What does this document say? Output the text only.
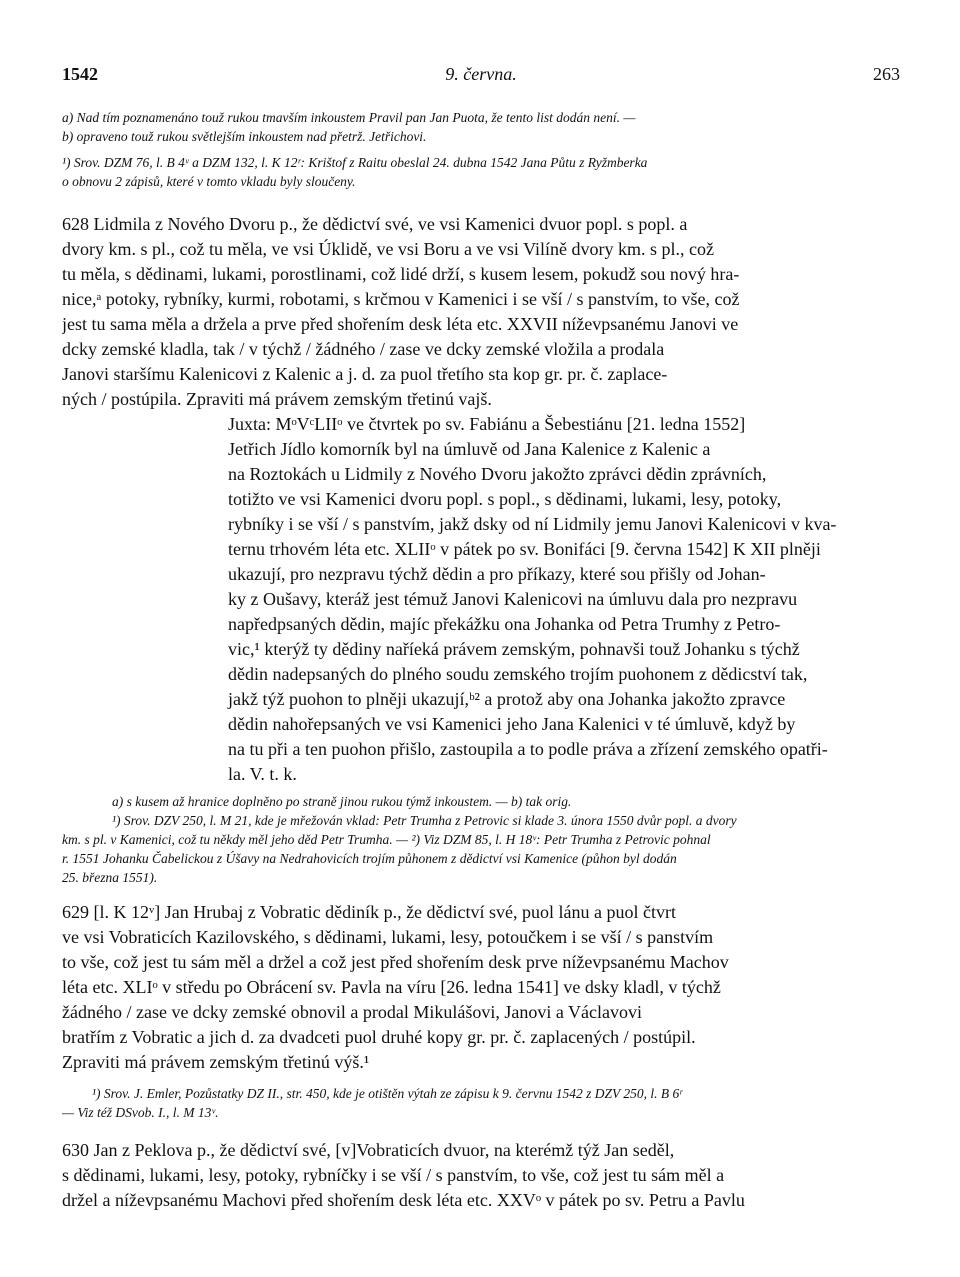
1542	9. června.	263
a) Nad tím poznamenáno touž rukou tmavším inkoustem Pravil pan Jan Puota, že tento list dodán není. —
b) opraveno touž rukou světlejším inkoustem nad přetrž. Jetřichovi.
¹) Srov. DZM 76, l. B 4ᵛ a DZM 132, l. K 12ʳ: Krištof z Raitu obeslal 24. dubna 1542 Jana Půtu z Ryžmberka
o obnovu 2 zápisů, které v tomto vkladu byly sloučeny.
628 Lidmila z Nového Dvoru p., že dědictví své, ve vsi Kamenici dvuor popl. s popl. a
dvory km. s pl., což tu měla, ve vsi Úklidě, ve vsi Boru a ve vsi Vilíně dvory km. s pl., což
tu měla, s dědinami, lukami, porostlinami, což lidé drží, s kusem lesem, pokudž sou nový hra-
nice,ᵃ potoky, rybníky, kurmi, robotami, s krčmou v Kamenici i se vší / s panstvím, to vše, což
jest tu sama měla a držela a prve před shořením desk léta etc. XXVII níževpsanému Janovi ve
dcky zemské kladla, tak / v týchž / žádného / zase ve dcky zemské vložila a prodala
Janovi staršímu Kalenicovi z Kalenic a j. d. za puol třetího sta kop gr. pr. č. zaplace-
ných / postúpila. Zpraviti má právem zemským třetinú vajš.
Juxta: MᵒVᶜLIIᵒ ve čtvrtek po sv. Fabiánu a Šebestiánu [21. ledna 1552]
Jetřich Jídlo komorník byl na úmluvě od Jana Kalenice z Kalenic a
na Roztokách u Lidmily z Nového Dvoru jakožto zprávci dědin zprávních,
totižto ve vsi Kamenici dvoru popl. s popl., s dědinami, lukami, lesy, potoky,
rybníky i se vší / s panstvím, jakž dsky od ní Lidmily jemu Janovi Kalenicovi v kva-
ternu trhovém léta etc. XLIIᵒ v pátek po sv. Bonifáci [9. června 1542] K XII plněji
ukazují, pro nezpravu týchž dědin a pro příkazy, které sou přišly od Johan-
ky z Oušavy, kteráž jest témuž Janovi Kalenicovi na úmluvu dala pro nezpravu
napředpsaných dědin, majíc překážku ona Johanka od Petra Trumhy z Petro-
vic,¹ kterýž ty dědiny naříeká právem zemským, pohnavši touž Johanku s týchž
dědin nadepsaných do plného soudu zemského trojím puohonem z dědicství tak,
jakž týž puohon to plněji ukazují,ᵇ² a protož aby ona Johanka jakožto zpravce
dědin nahořepsaných ve vsi Kamenici jeho Jana Kalenici v té úmluvě, když by
na tu při a ten puohon přišlo, zastoupila a to podle práva a zřízení zemského opatři-
la. V. t. k.
a) s kusem až hranice doplněno po straně jinou rukou týmž inkoustem. — b) tak orig.
¹) Srov. DZV 250, l. M 21, kde je mřežován vklad: Petr Trumha z Petrovic si klade 3. února 1550 dvůr popl. a dvory
km. s pl. v Kamenici, což tu někdy měl jeho děd Petr Trumha. — ²) Viz DZM 85, l. H 18ᵛ: Petr Trumha z Petrovic pohnal
r. 1551 Johanku Čabelickou z Úšavy na Nedrahovicích trojím půhonem z dědictví vsi Kamenice (půhon byl dodán
25. března 1551).
629 [l. K 12ᵛ] Jan Hrubaj z Vobratic dědiník p., že dědictví své, puol lánu a puol čtvrt
ve vsi Vobraticích Kazilovského, s dědinami, lukami, lesy, potoučkem i se vší / s panstvím
to vše, což jest tu sám měl a držel a což jest před shořením desk prve níževpsanému Machov
léta etc. XLIᵒ v středu po Obrácení sv. Pavla na víru [26. ledna 1541] ve dsky kladl, v týchž
žádného / zase ve dcky zemské obnovil a prodal Mikulášovi, Janovi a Václavovi
bratřím z Vobratic a jich d. za dvadceti puol druhé kopy gr. pr. č. zaplacených / postúpil.
Zpraviti má právem zemským třetinú výš.¹
¹) Srov. J. Emler, Pozůstatky DZ II., str. 450, kde je otištěn výtah ze zápisu k 9. červnu 1542 z DZV 250, l. B 6ʳ
— Viz též DSvob. I., l. M 13ᵛ.
630 Jan z Peklova p., že dědictví své, [v]Vobraticích dvuor, na kterémž týž Jan seděl,
s dědinami, lukami, lesy, potoky, rybníčky i se vší / s panstvím, to vše, což jest tu sám měl a
držel a níževpsanému Machovi před shořením desk léta etc. XXVᵒ v pátek po sv. Petru a Pavlu
